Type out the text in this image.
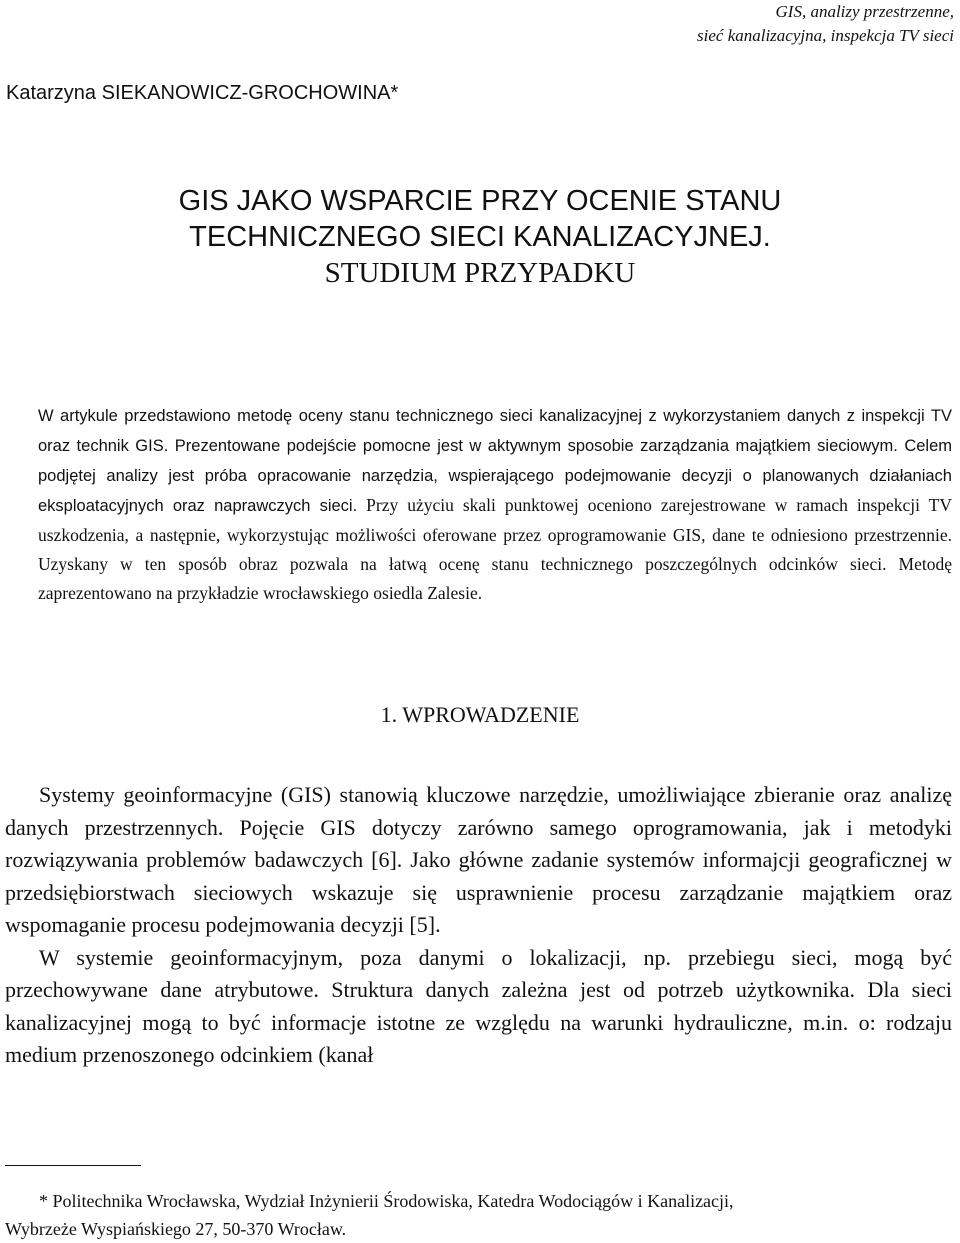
GIS, analizy przestrzenne,
sieć kanalizacyjna, inspekcja TV sieci
Katarzyna SIEKANOWICZ-GROCHOWINA*
GIS JAKO WSPARCIE PRZY OCENIE STANU
TECHNICZNEGO SIECI KANALIZACYJNEJ.
STUDIUM PRZYPADKU
W artykule przedstawiono metodę oceny stanu technicznego sieci kanalizacyjnej z wykorzystaniem danych z inspekcji TV oraz technik GIS. Prezentowane podejście pomocne jest w aktywnym sposobie zarządzania majątkiem sieciowym. Celem podjętej analizy jest próba opracowanie narzędzia, wspierającego podejmowanie decyzji o planowanych działaniach eksploatacyjnych oraz naprawczych sieci. Przy użyciu skali punktowej oceniono zarejestrowane w ramach inspekcji TV uszkodzenia, a następnie, wykorzystując możliwości oferowane przez oprogramowanie GIS, dane te odniesiono przestrzennie. Uzyskany w ten sposób obraz pozwala na łatwą ocenę stanu technicznego poszczególnych odcinków sieci. Metodę zaprezentowano na przykładzie wrocławskiego osiedla Zalesie.
1. WPROWADZENIE

Systemy geoinformacyjne (GIS) stanowią kluczowe narzędzie, umożliwiające zbieranie oraz analizę danych przestrzennych. Pojęcie GIS dotyczy zarówno samego oprogramowania, jak i metodyki rozwiązywania problemów badawczych [6]. Jako główne zadanie systemów informajcji geograficznej w przedsiębiorstwach sieciowych wskazuje się usprawnienie procesu zarządzanie majątkiem oraz wspomaganie procesu podejmowania decyzji [5].

W systemie geoinformacyjnym, poza danymi o lokalizacji, np. przebiegu sieci, mogą być przechowywane dane atrybutowe. Struktura danych zależna jest od potrzeb użytkownika. Dla sieci kanalizacyjnej mogą to być informacje istotne ze względu na warunki hydrauliczne, m.in. o: rodzaju medium przenoszonego odcinkiem (kanał

* Politechnika Wrocławska, Wydział Inżynierii Środowiska, Katedra Wodociągów i Kanalizacji,
Wybrzeże Wyspiańskiego 27, 50-370 Wrocław.
